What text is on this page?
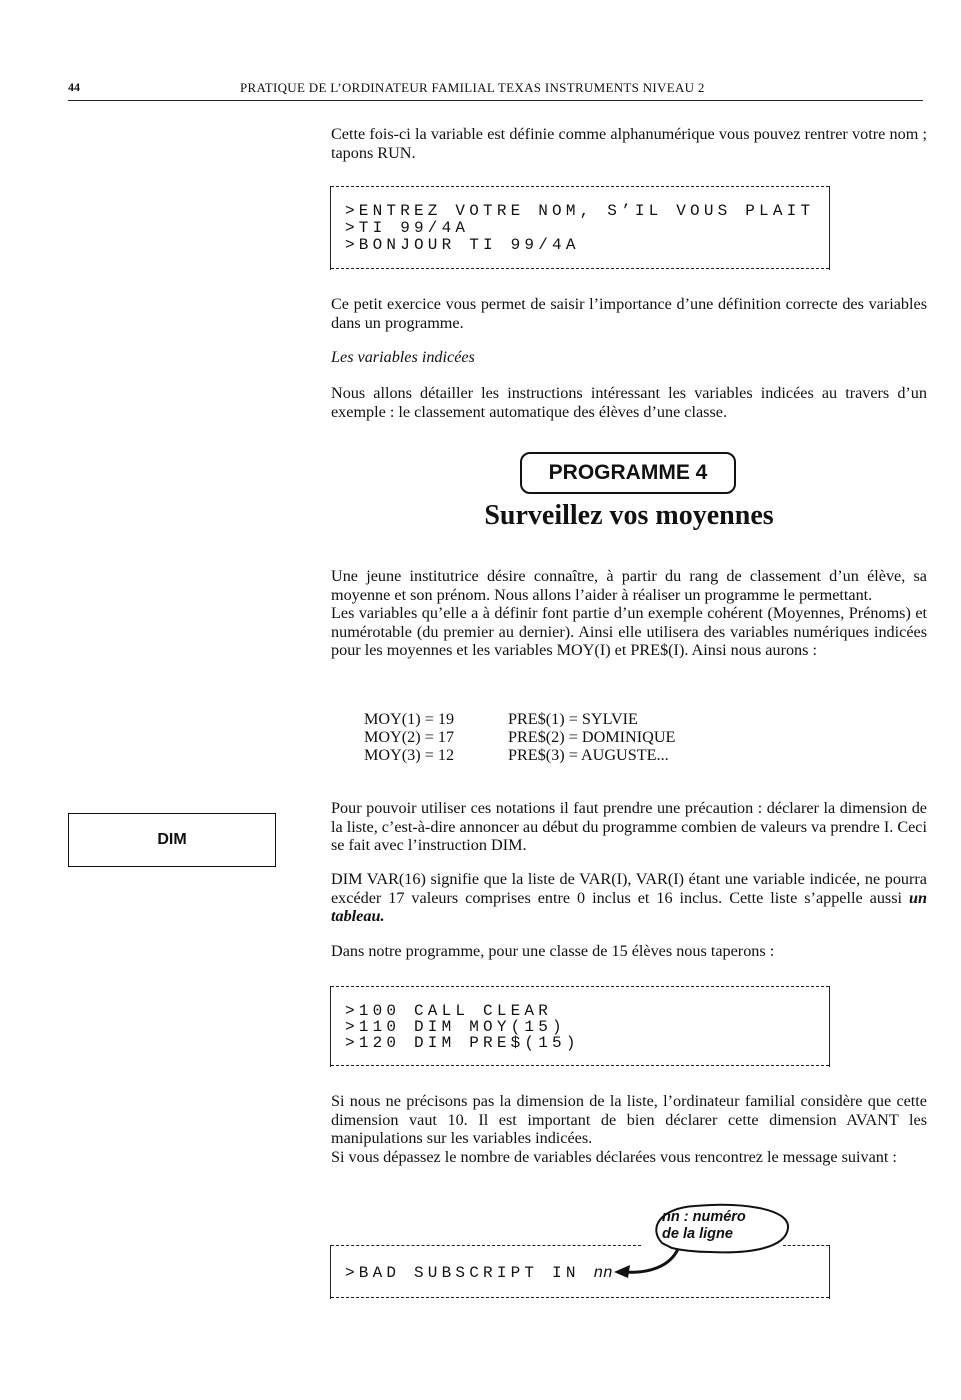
44	PRATIQUE DE L’ORDINATEUR FAMILIAL TEXAS INSTRUMENTS NIVEAU 2

Cette fois-ci la variable est définie comme alphanumérique vous pouvez rentrer votre nom ; tapons RUN.

>ENTREZ VOTRE NOM, S’IL VOUS PLAIT
>TI 99/4A
>BONJOUR TI 99/4A

Ce petit exercice vous permet de saisir l’importance d’une définition correcte des variables dans un programme.

Les variables indicées

Nous allons détailler les instructions intéressant les variables indicées au travers d’un exemple : le classement automatique des élèves d’une classe.

PROGRAMME 4
Surveillez vos moyennes

Une jeune institutrice désire connaître, à partir du rang de classement d’un élève, sa moyenne et son prénom. Nous allons l’aider à réaliser un programme le permettant.

Les variables qu’elle a à définir font partie d’un exemple cohérent (Moyennes, Prénoms) et numérotable (du premier au dernier). Ainsi elle utilisera des variables numériques indicées pour les moyennes et les variables MOY(I) et PRE$(I). Ainsi nous aurons :

MOY(1) = 19
MOY(2) = 17
MOY(3) = 12
PRE$(1) = SYLVIE
PRE$(2) = DOMINIQUE
PRE$(3) = AUGUSTE...
DIM

Pour pouvoir utiliser ces notations il faut prendre une précaution : déclarer la dimension de la liste, c’est-à-dire annoncer au début du programme combien de valeurs va prendre I. Ceci se fait avec l’instruction DIM.

DIM VAR(16) signifie que la liste de VAR(I), VAR(I) étant une variable indicée, ne pourra excéder 17 valeurs comprises entre 0 inclus et 16 inclus. Cette liste s’appelle aussi un tableau.

Dans notre programme, pour une classe de 15 élèves nous taperons :

>100 CALL CLEAR
>110 DIM MOY(15)
>120 DIM PRE$(15)

Si nous ne précisons pas la dimension de la liste, l’ordinateur familial considère que cette dimension vaut 10. Il est important de bien déclarer cette dimension AVANT les manipulations sur les variables indicées.

Si vous dépassez le nombre de variables déclarées vous rencontrez le message suivant :

>BAD SUBSCRIPT IN nn
nn : numéro
de la ligne
